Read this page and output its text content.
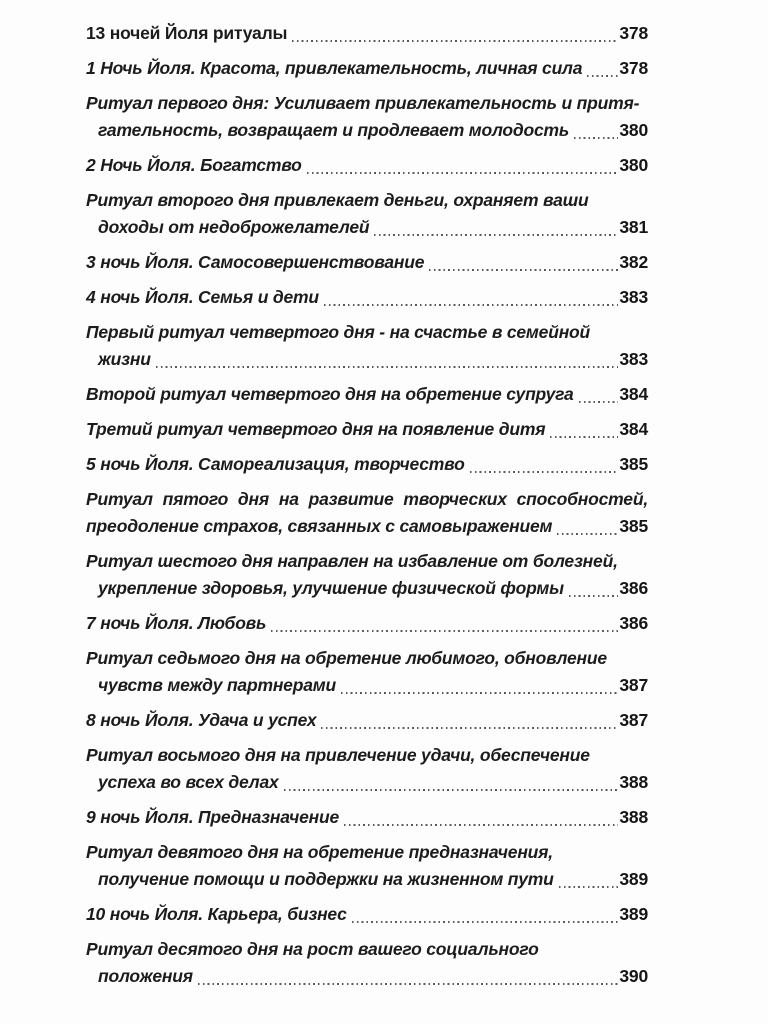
13 ночей Йоля ритуалы	378
1 Ночь Йоля. Красота, привлекательность, личная сила 378
Ритуал первого дня: Усиливает привлекательность и притя-
гательность, возвращает и продлевает молодость	380
2 Ночь Йоля. Богатство	380
Ритуал второго дня привлекает деньги, охраняет ваши
доходы от недоброжелателей	381
3 ночь Йоля. Самосовершенствование	382
4 ночь Йоля. Семья и дети	383
Первый ритуал четвертого дня - на счастье в семейной
жизни	383
Второй ритуал четвертого дня на обретение супруга	384
Третий ритуал четвертого дня на появление дитя	384
5 ночь Йоля. Самореализация, творчество	385
Ритуал пятого дня на развитие творческих способностей,
преодоление страхов, связанных с самовыражением	385
Ритуал шестого дня направлен на избавление от болезней,
укрепление здоровья, улучшение физической формы	386
7 ночь Йоля. Любовь	386
Ритуал седьмого дня на обретение любимого, обновление
чувств между партнерами	387
8 ночь Йоля. Удача и успех	387
Ритуал восьмого дня на привлечение удачи, обеспечение
успеха во всех делах	388
9 ночь Йоля. Предназначение	388
Ритуал девятого дня на обретение предназначения,
получение помощи и поддержки на жизненном пути	389
10 ночь Йоля. Карьера, бизнес	389
Ритуал десятого дня на рост вашего социального
положения	390
